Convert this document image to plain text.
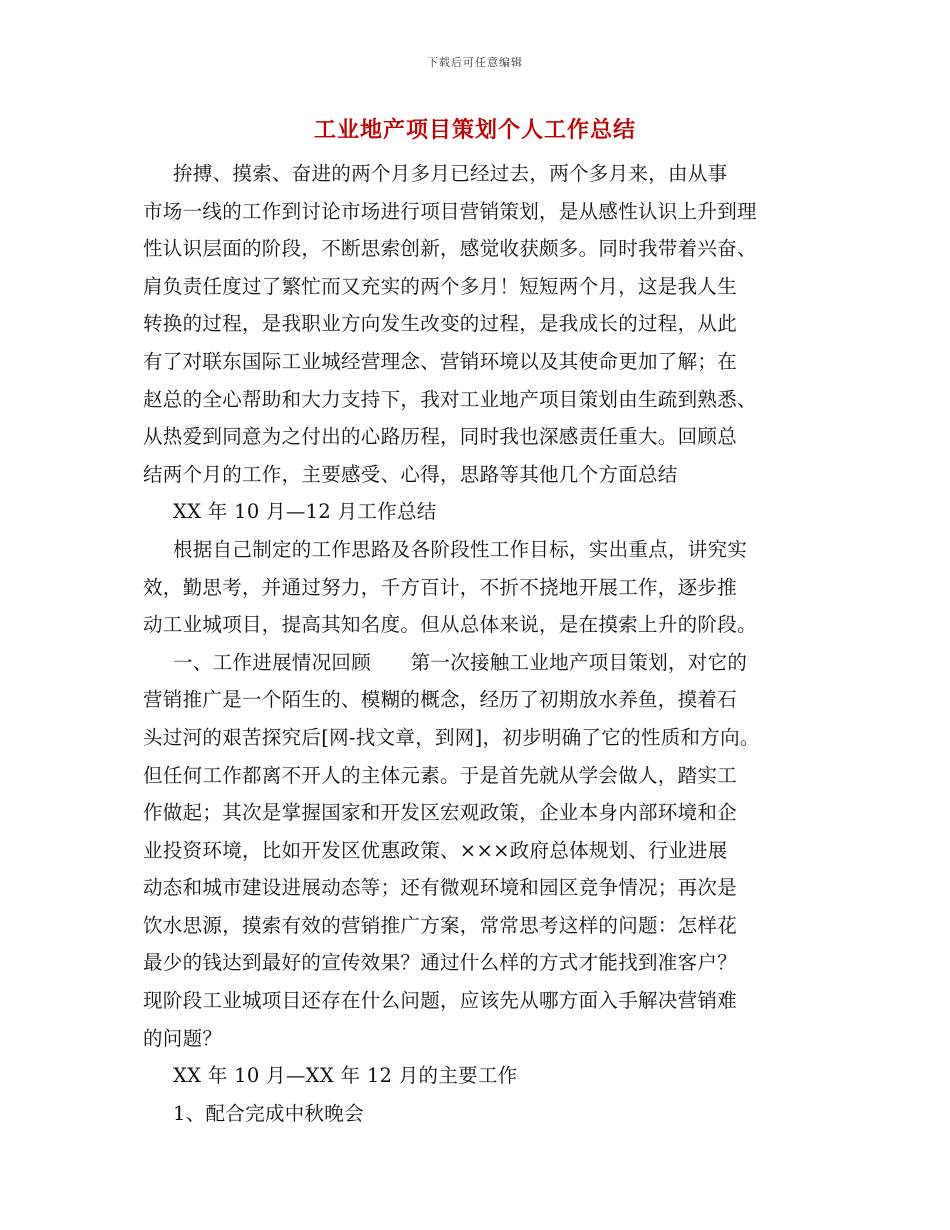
下载后可任意编辑
工业地产项目策划个人工作总结
拚搏、摸索、奋进的两个月多月已经过去，两个多月来，由从事
市场一线的工作到讨论市场进行项目营销策划，是从感性认识上升到理
性认识层面的阶段，不断思索创新，感觉收获颇多。同时我带着兴奋、
肩负责任度过了繁忙而又充实的两个多月！短短两个月，这是我人生
转换的过程，是我职业方向发生改变的过程，是我成长的过程，从此
有了对联东国际工业城经营理念、营销环境以及其使命更加了解；在
赵总的全心帮助和大力支持下，我对工业地产项目策划由生疏到熟悉、
从热爱到同意为之付出的心路历程，同时我也深感责任重大。回顾总
结两个月的工作，主要感受、心得，思路等其他几个方面总结
XX 年 10 月—12 月工作总结
根据自己制定的工作思路及各阶段性工作目标，实出重点，讲究实
效，勤思考，并通过努力，千方百计，不折不挠地开展工作，逐步推
动工业城项目，提高其知名度。但从总体来说，是在摸索上升的阶段。
一、工作进展情况回顾　　第一次接触工业地产项目策划，对它的
营销推广是一个陌生的、模糊的概念，经历了初期放水养鱼，摸着石
头过河的艰苦探究后[网-找文章，到网]，初步明确了它的性质和方向。
但任何工作都离不开人的主体元素。于是首先就从学会做人，踏实工
作做起；其次是掌握国家和开发区宏观政策，企业本身内部环境和企
业投资环境，比如开发区优惠政策、×××政府总体规划、行业进展
动态和城市建设进展动态等；还有微观环境和园区竞争情况；再次是
饮水思源，摸索有效的营销推广方案，常常思考这样的问题：怎样花
最少的钱达到最好的宣传效果？通过什么样的方式才能找到准客户？
现阶段工业城项目还存在什么问题，应该先从哪方面入手解决营销难
的问题？
XX 年 10 月—XX 年 12 月的主要工作
1、配合完成中秋晚会
